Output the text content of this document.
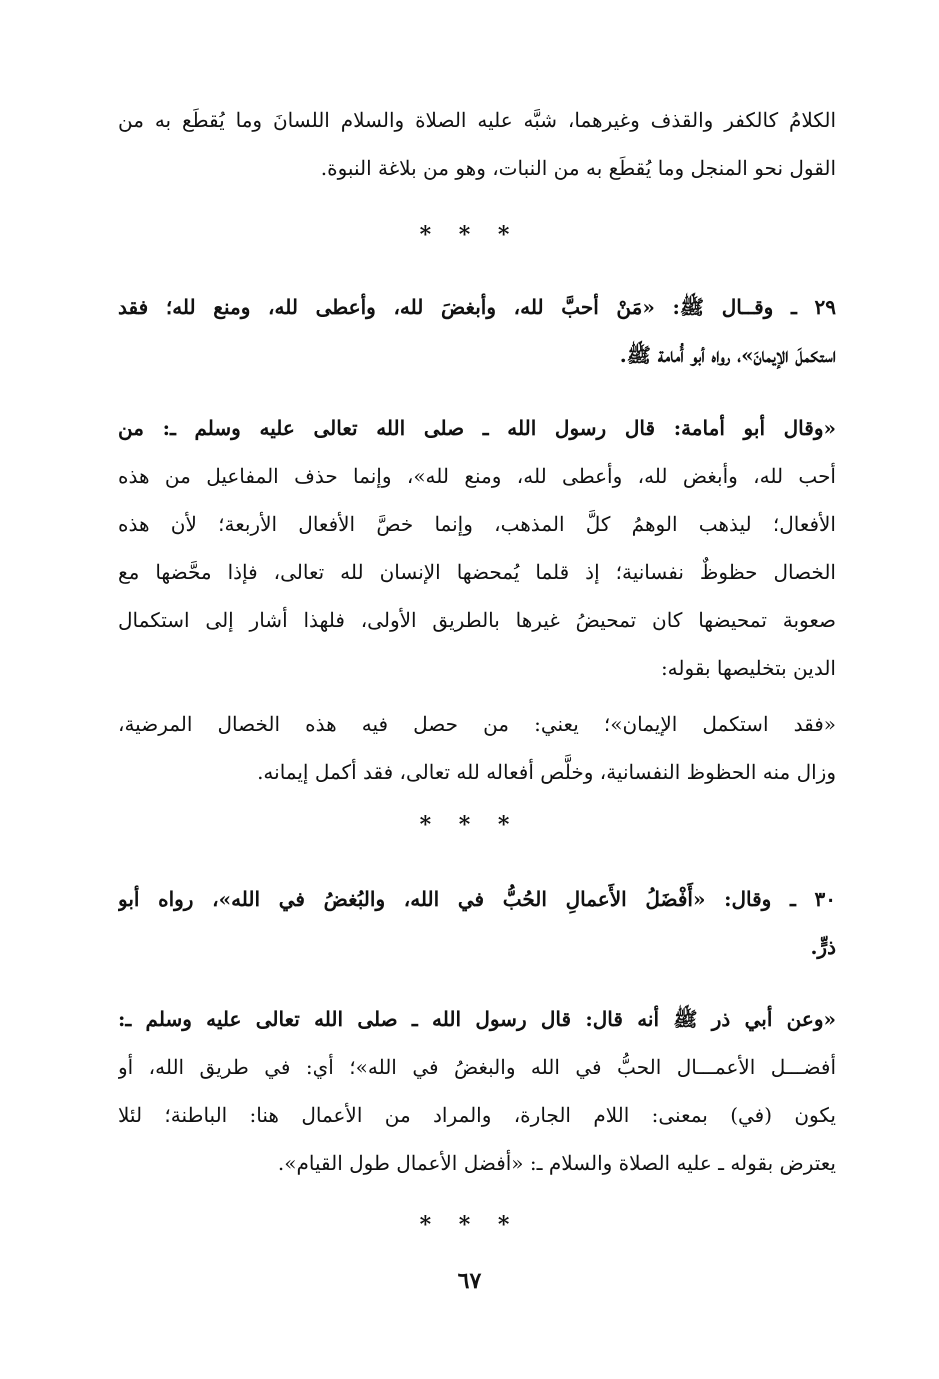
الكلامُ كالكفر والقذف وغيرهما، شبَّه عليه الصلاة والسلام اللسانَ وما يُقطَع به من
القول نحو المنجل وما يُقطَع به من النبات، وهو من بلاغة النبوة.
* * *
٢٩ ـ وقــال ﷺ: «مَنْ أحبَّ لله، وأبغضَ لله، وأعطى لله، ومنع لله؛ فقد
استكملَ الإيمانَ»، رواه أبو أُمامة ﷺ.
«وقال أبو أمامة: قال رسول الله ـ صلى الله تعالى عليه وسلم ـ: من
أحب لله، وأبغض لله، وأعطى لله، ومنع لله»، وإنما حذف المفاعيل من هذه
الأفعال؛ ليذهب الوهمُ كلَّ المذهب، وإنما خصَّ الأفعال الأربعة؛ لأن هذه
الخصال حظوظٌ نفسانية؛ إذ قلما يُمحضها الإنسان لله تعالى، فإذا محَّضها مع
صعوبة تمحيضها كان تمحيضُ غيرها بالطريق الأولى، فلهذا أشار إلى استكمال
الدين بتخليصها بقوله:
«فقد استكمل الإيمان»؛ يعني: من حصل فيه هذه الخصال المرضية،
وزال منه الحظوظ النفسانية، وخلَّص أفعاله لله تعالى، فقد أكمل إيمانه.
* * *
٣٠ ـ وقال: «أَفْضَلُ الأَعمالِ الحُبُّ في الله، والبُغضُ في الله»، رواه أبو
ذرٍّ.
«وعن أبي ذر ﷺ أنه قال: قال رسول الله ـ صلى الله تعالى عليه وسلم ـ:
أفضـــل الأعمـــال الحبُّ في الله والبغضُ في الله»؛ أي: في طريق الله، أو
يكون (في) بمعنى: اللام الجارة، والمراد من الأعمال هنا: الباطنة؛ لئلا
يعترض بقوله ـ عليه الصلاة والسلام ـ: «أفضل الأعمال طول القيام».
* * *
٦٧
